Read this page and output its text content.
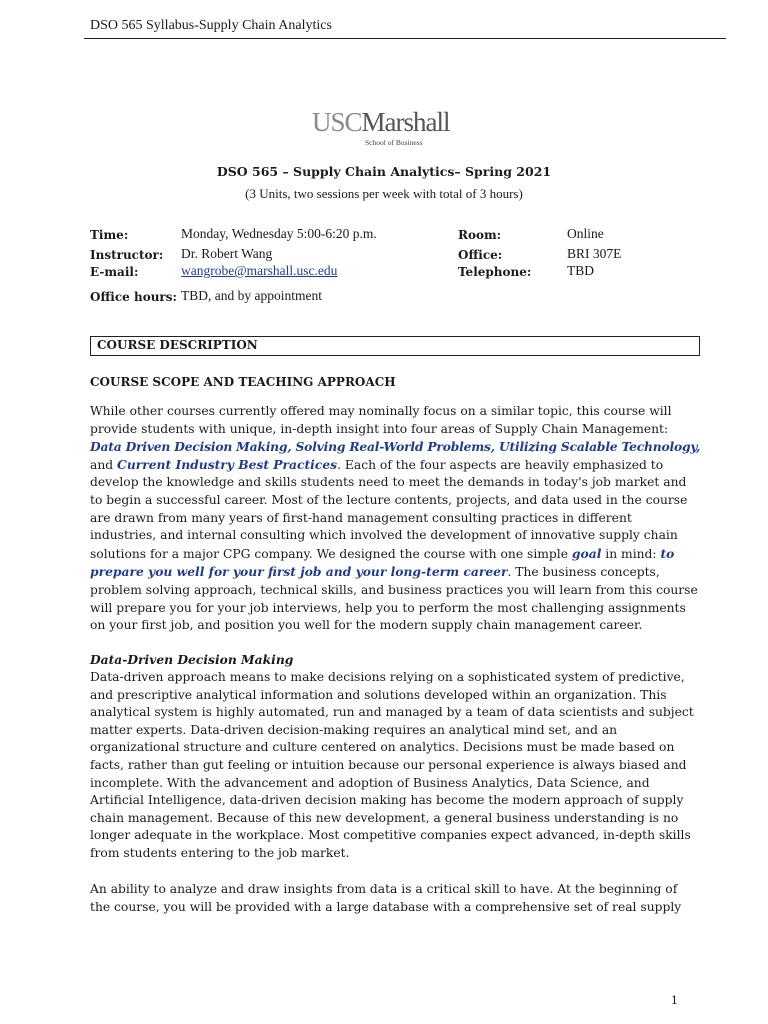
DSO 565 Syllabus-Supply Chain Analytics
USCMarshall
School of Business
DSO 565 – Supply Chain Analytics– Spring 2021
(3 Units, two sessions per week with total of 3 hours)
Time:	Monday, Wednesday 5:00-6:20 p.m.	Room:	Online
Instructor: Dr. Robert Wang	Office:	BRI 307E
E-mail:	wangrobe@marshall.usc.edu	Telephone:	TBD
Office hours: TBD, and by appointment
COURSE DESCRIPTION
COURSE SCOPE AND TEACHING APPROACH
While other courses currently offered may nominally focus on a similar topic, this course will
provide students with unique, in-depth insight into four areas of Supply Chain Management:
Data Driven Decision Making, Solving Real-World Problems, Utilizing Scalable Technology,
and Current Industry Best Practices. Each of the four aspects are heavily emphasized to
develop the knowledge and skills students need to meet the demands in today's job market and
to begin a successful career. Most of the lecture contents, projects, and data used in the course
are drawn from many years of first-hand management consulting practices in different
industries, and internal consulting which involved the development of innovative supply chain
solutions for a major CPG company. We designed the course with one simple goal in mind: to
prepare you well for your first job and your long-term career. The business concepts,
problem solving approach, technical skills, and business practices you will learn from this course
will prepare you for your job interviews, help you to perform the most challenging assignments
on your first job, and position you well for the modern supply chain management career.
Data-Driven Decision Making
Data-driven approach means to make decisions relying on a sophisticated system of predictive,
and prescriptive analytical information and solutions developed within an organization. This
analytical system is highly automated, run and managed by a team of data scientists and subject
matter experts. Data-driven decision-making requires an analytical mind set, and an
organizational structure and culture centered on analytics. Decisions must be made based on
facts, rather than gut feeling or intuition because our personal experience is always biased and
incomplete. With the advancement and adoption of Business Analytics, Data Science, and
Artificial Intelligence, data-driven decision making has become the modern approach of supply
chain management. Because of this new development, a general business understanding is no
longer adequate in the workplace. Most competitive companies expect advanced, in-depth skills
from students entering to the job market.
An ability to analyze and draw insights from data is a critical skill to have. At the beginning of
the course, you will be provided with a large database with a comprehensive set of real supply
1
